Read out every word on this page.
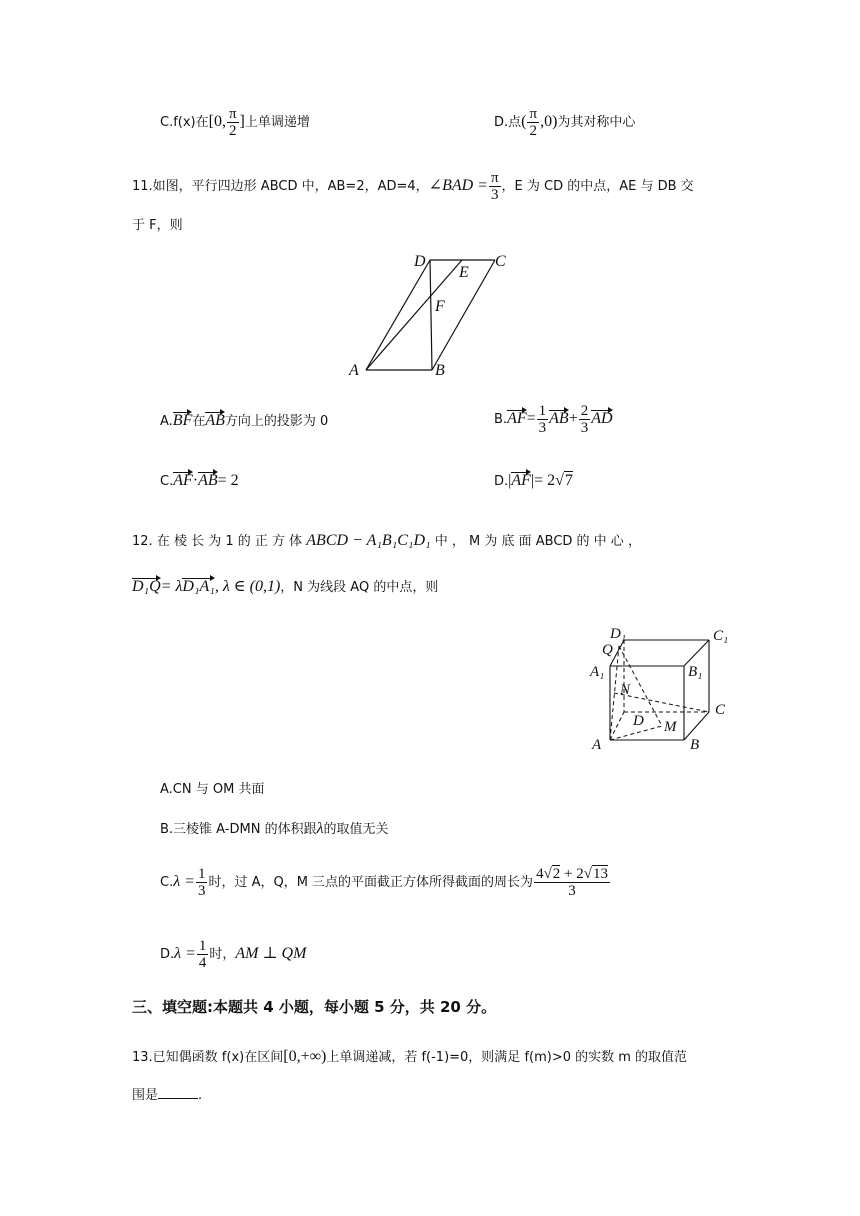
C.f(x)在[0, $\frac{\pi}{2}$ ]上单调递增	D.点( $\frac{\pi}{2} ,0$)为其对称中心
11.如图，平行四边形 ABCD 中，AB=2，AD=4，∠BAD = $\frac{\pi}{3}$ ，E 为 CD 的中点，AE 与 DB 交
于 F，则
D	C
E
F
A	B
A.BF在AB方向上的投影为 0	$B.AF= \frac{1}{3} AB+ \frac{2}{3}$ AD
C.AF·AB= 2	D.|AF|= 2√7
12. 在 棱 长 为 1 的 正 方 体 ABCD − A₁B₁C₁D₁ 中 ， M 为 底 面 ABCD 的 中 心 ，
D₁Q= λD₁A₁, λ ∈ (0,1)，N 为线段 AQ 的中点，则
D₁	C₁
Q
A₁	B₁
N
C
D M
A	B
A.CN 与 OM 共面
B.三棱锥 A-DMN 的体积跟λ的取值无关
$C.\lambda = \frac{1}{3}$ 时，过 A，Q，M 三点的平面截正方体所得截面的周长为 $\frac{4√2 + 2√13}{3}$
$D.\lambda = \frac{1}{4}$ 时，AM ⊥ QM
三、填空题:本题共 4 小题，每小题 5 分，共 20 分。
13.已知偶函数 f(x)在区间[0,+∞)上单调递减，若 f(-1)=0，则满足 f(m)>0 的实数 m 的取值范
围是	.
